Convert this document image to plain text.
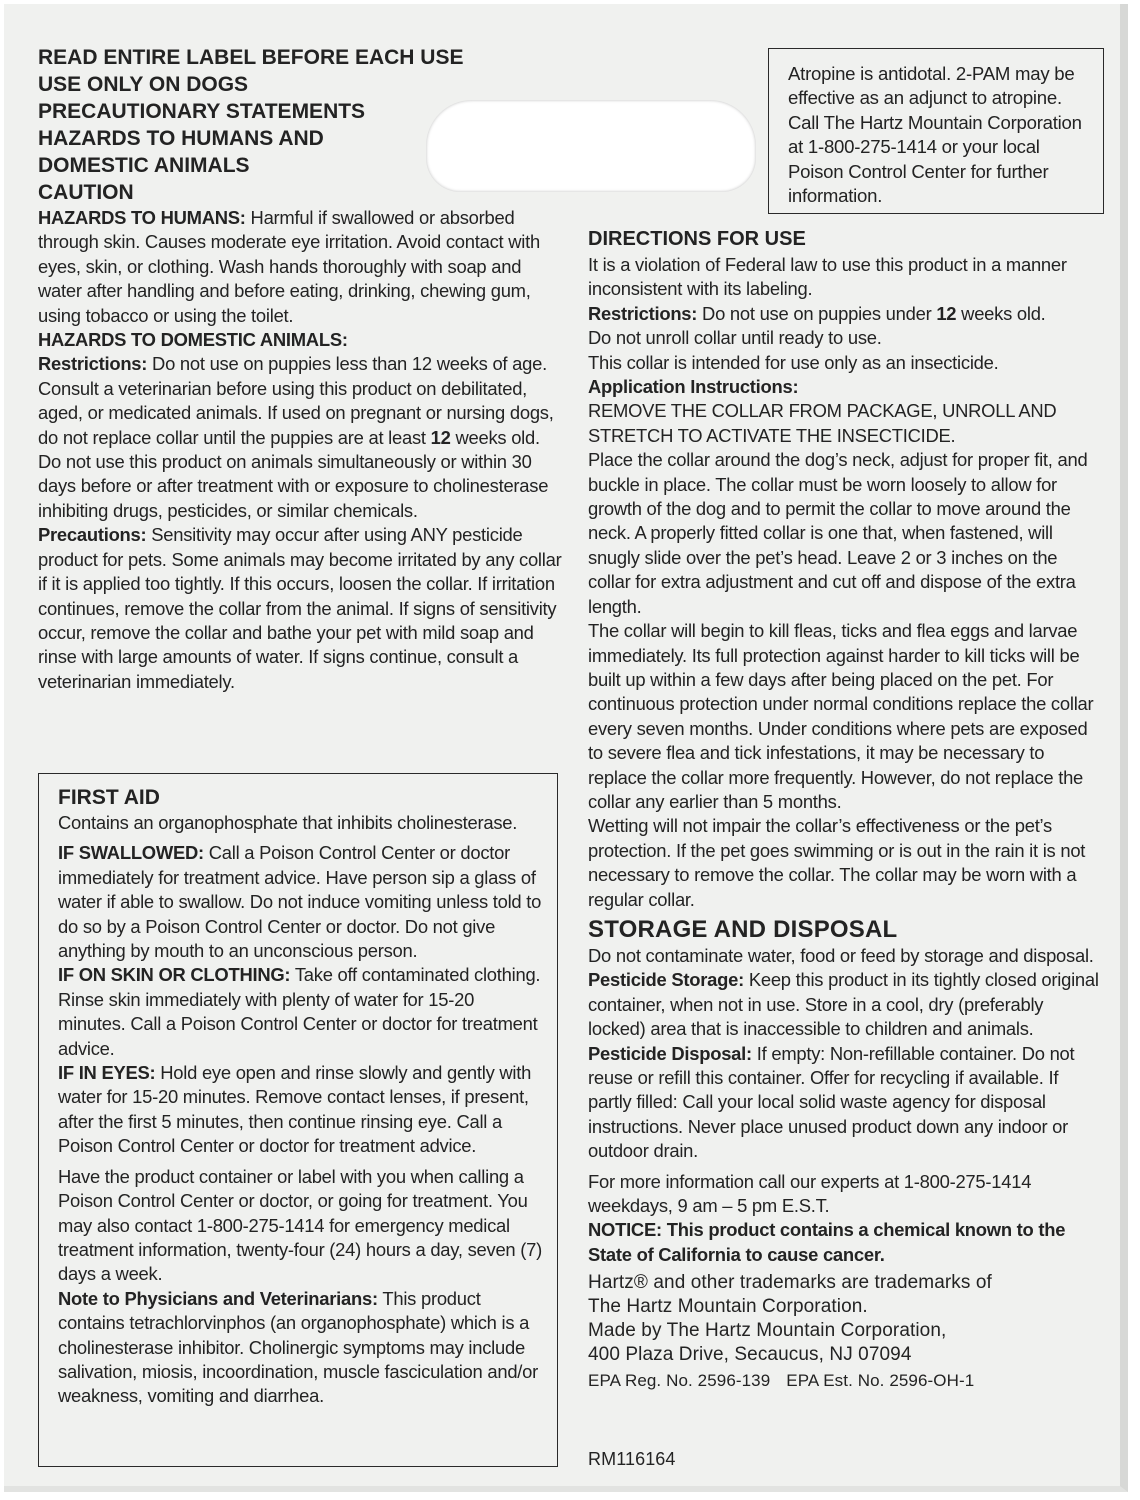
READ ENTIRE LABEL BEFORE EACH USE

USE ONLY ON DOGS

PRECAUTIONARY STATEMENTS

HAZARDS TO HUMANS AND

DOMESTIC ANIMALS

CAUTION

HAZARDS TO HUMANS: Harmful if swallowed or absorbed through skin. Causes moderate eye irritation. Avoid contact with eyes, skin, or clothing. Wash hands thoroughly with soap and water after handling and before eating, drinking, chewing gum, using tobacco or using the toilet.

HAZARDS TO DOMESTIC ANIMALS:

Restrictions: Do not use on puppies less than 12 weeks of age. Consult a veterinarian before using this product on debilitated, aged, or medicated animals. If used on pregnant or nursing dogs, do not replace collar until the puppies are at least 12 weeks old.

Do not use this product on animals simultaneously or within 30 days before or after treatment with or exposure to cholinesterase inhibiting drugs, pesticides, or similar chemicals.

Precautions: Sensitivity may occur after using ANY pesticide product for pets. Some animals may become irritated by any collar if it is applied too tightly. If this occurs, loosen the collar. If irritation continues, remove the collar from the animal. If signs of sensitivity occur, remove the collar and bathe your pet with mild soap and rinse with large amounts of water. If signs continue, consult a veterinarian immediately.

FIRST AID

Contains an organophosphate that inhibits cholinesterase.

IF SWALLOWED: Call a Poison Control Center or doctor immediately for treatment advice. Have person sip a glass of water if able to swallow. Do not induce vomiting unless told to do so by a Poison Control Center or doctor. Do not give anything by mouth to an unconscious person.

IF ON SKIN OR CLOTHING: Take off contaminated clothing. Rinse skin immediately with plenty of water for 15-20 minutes. Call a Poison Control Center or doctor for treatment advice.

IF IN EYES: Hold eye open and rinse slowly and gently with water for 15-20 minutes. Remove contact lenses, if present, after the first 5 minutes, then continue rinsing eye. Call a Poison Control Center or doctor for treatment advice.

Have the product container or label with you when calling a Poison Control Center or doctor, or going for treatment. You may also contact 1-800-275-1414 for emergency medical treatment information, twenty-four (24) hours a day, seven (7) days a week.

Note to Physicians and Veterinarians: This product contains tetrachlorvinphos (an organophosphate) which is a cholinesterase inhibitor. Cholinergic symptoms may include salivation, miosis, incoordination, muscle fasciculation and/or weakness, vomiting and diarrhea.

Atropine is antidotal. 2-PAM may be effective as an adjunct to atropine. Call The Hartz Mountain Corporation at 1-800-275-1414 or your local Poison Control Center for further information.

DIRECTIONS FOR USE

It is a violation of Federal law to use this product in a manner inconsistent with its labeling.

Restrictions: Do not use on puppies under 12 weeks old.

Do not unroll collar until ready to use.

This collar is intended for use only as an insecticide.

Application Instructions:

REMOVE THE COLLAR FROM PACKAGE, UNROLL AND STRETCH TO ACTIVATE THE INSECTICIDE.

Place the collar around the dog’s neck, adjust for proper fit, and buckle in place. The collar must be worn loosely to allow for growth of the dog and to permit the collar to move around the neck. A properly fitted collar is one that, when fastened, will snugly slide over the pet’s head. Leave 2 or 3 inches on the collar for extra adjustment and cut off and dispose of the extra length.

The collar will begin to kill fleas, ticks and flea eggs and larvae immediately. Its full protection against harder to kill ticks will be built up within a few days after being placed on the pet. For continuous protection under normal conditions replace the collar every seven months. Under conditions where pets are exposed to severe flea and tick infestations, it may be necessary to replace the collar more frequently. However, do not replace the collar any earlier than 5 months.

Wetting will not impair the collar’s effectiveness or the pet’s protection. If the pet goes swimming or is out in the rain it is not necessary to remove the collar. The collar may be worn with a regular collar.

STORAGE AND DISPOSAL

Do not contaminate water, food or feed by storage and disposal. Pesticide Storage: Keep this product in its tightly closed original container, when not in use. Store in a cool, dry (preferably locked) area that is inaccessible to children and animals. Pesticide Disposal: If empty: Non-refillable container. Do not reuse or refill this container. Offer for recycling if available. If partly filled: Call your local solid waste agency for disposal instructions. Never place unused product down any indoor or outdoor drain.

For more information call our experts at 1-800-275-1414 weekdays, 9 am – 5 pm E.S.T.

NOTICE: This product contains a chemical known to the State of California to cause cancer.

Hartz® and other trademarks are trademarks of

The Hartz Mountain Corporation.

Made by The Hartz Mountain Corporation,

400 Plaza Drive, Secaucus, NJ 07094

EPA Reg. No. 2596-139 EPA Est. No. 2596-OH-1

RM116164
